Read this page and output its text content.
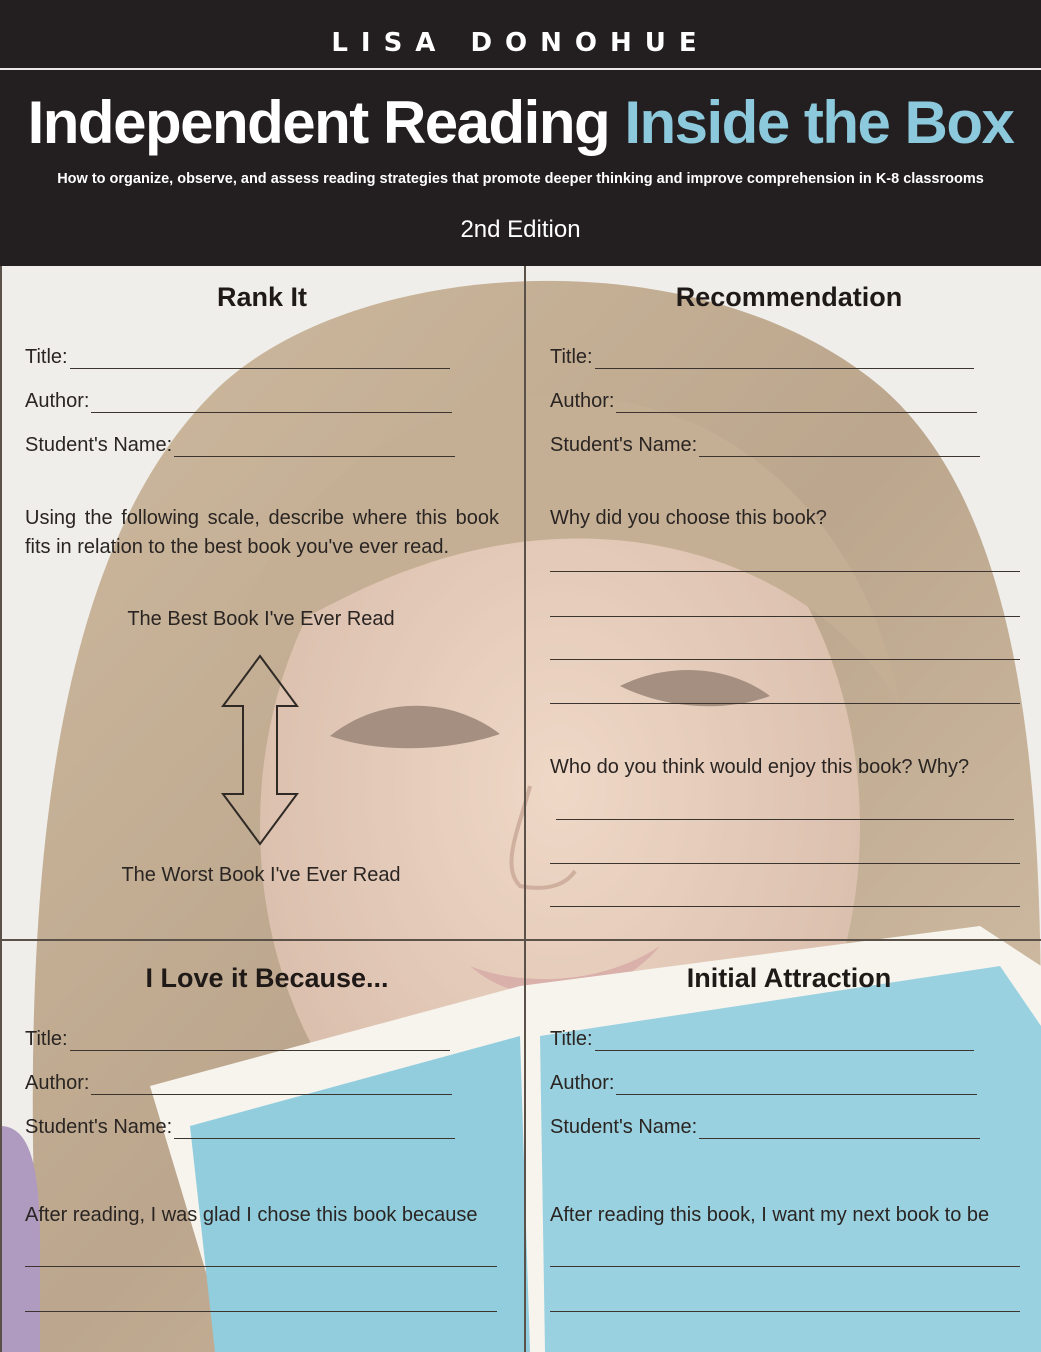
LISA DONOHUE
Independent Reading Inside the Box
How to organize, observe, and assess reading strategies that promote deeper thinking and improve comprehension in K-8 classrooms
2nd Edition
Rank It
Title:
Author:
Student's Name:
Using the following scale, describe where this book fits in relation to the best book you've ever read.
The Best Book I've Ever Read
The Worst Book I've Ever Read
Recommendation
Title:
Author:
Student's Name:
Why did you choose this book?
Who do you think would enjoy this book? Why?
I Love it Because...
Title:
Author:
Student's Name:
After reading, I was glad I chose this book because
Initial Attraction
Title:
Author:
Student's Name:
After reading this book, I want my next book to be
